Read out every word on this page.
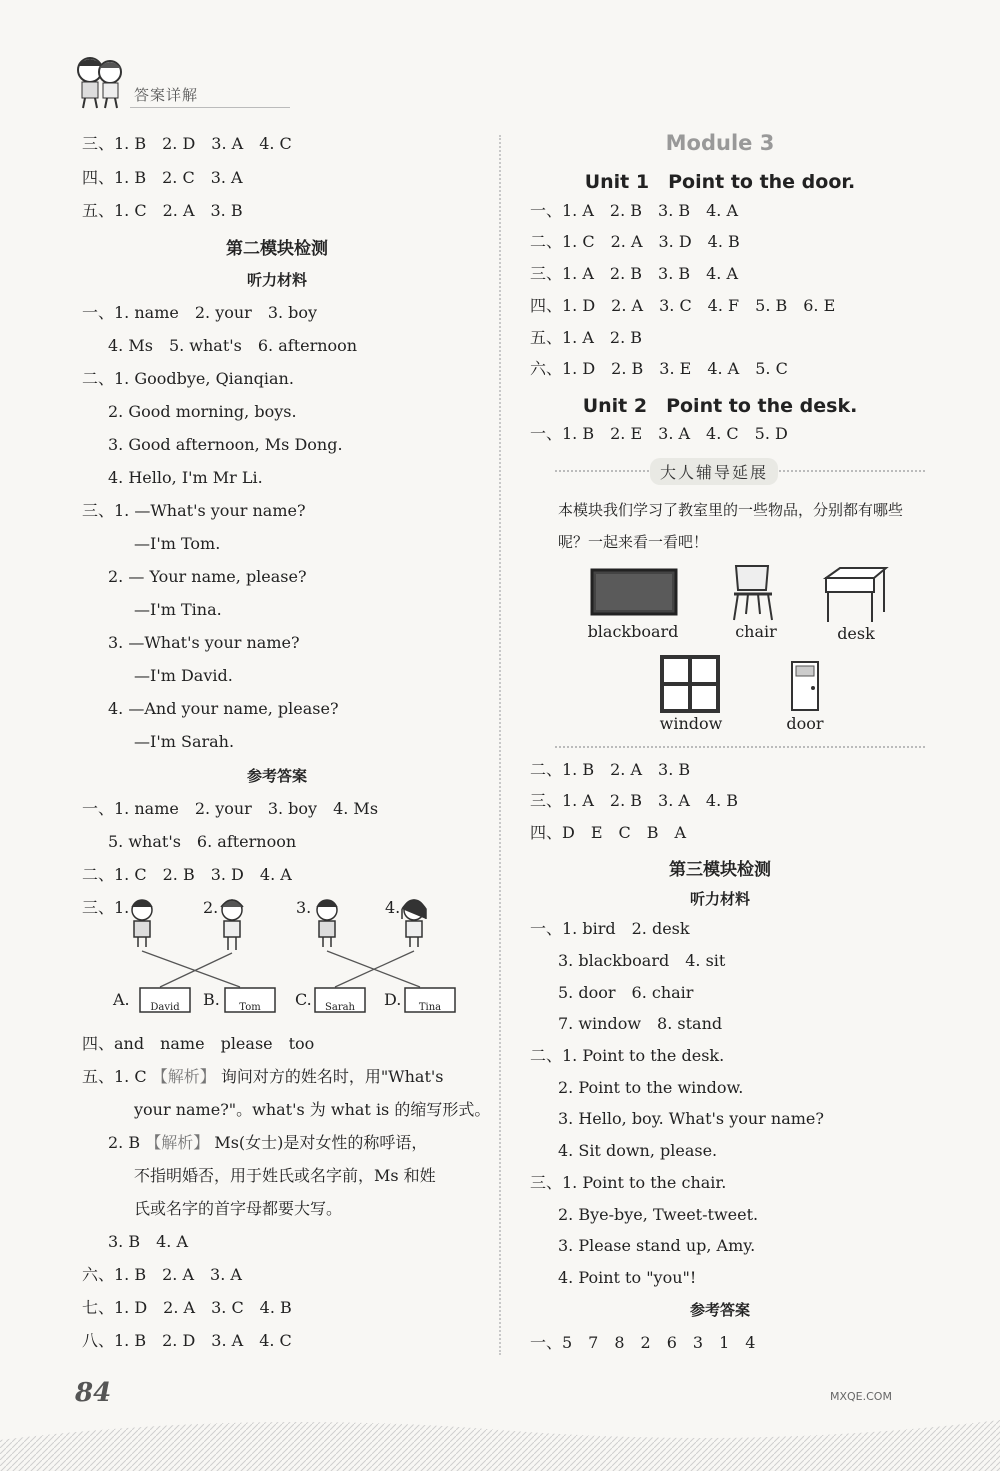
答案详解
三、1. B　2. D　3. A　4. C
四、1. B　2. C　3. A
五、1. C　2. A　3. B
第二模块检测
听力材料
一、1. name　2. your　3. boy
4. Ms　5. what's　6. afternoon
二、1. Goodbye, Qianqian.
2. Good morning, boys.
3. Good afternoon, Ms Dong.
4. Hello, I'm Mr Li.
三、1. —What's your name?
—I'm Tom.
2. — Your name, please?
—I'm Tina.
3. —What's your name?
—I'm David.
4. —And your name, please?
—I'm Sarah.
参考答案
一、1. name　2. your　3. boy　4. Ms
5. what's　6. afternoon
二、1. C　2. B　3. D　4. A
三、1.	2.	3.	4.
A.	B.	C.	D.
David	Tom	Sarah	Tina
四、and　name　please　too
五、1. C 【解析】 询问对方的姓名时，用"What's
your name?"。what's 为 what is 的缩写形式。
2. B 【解析】 Ms(女士)是对女性的称呼语，
不指明婚否，用于姓氏或名字前，Ms 和姓
氏或名字的首字母都要大写。
3. B　4. A
六、1. B　2. A　3. A
七、1. D　2. A　3. C　4. B
八、1. B　2. D　3. A　4. C
Module 3
Unit 1　Point to the door.
一、1. A　2. B　3. B　4. A
二、1. C　2. A　3. D　4. B
三、1. A　2. B　3. B　4. A
四、1. D　2. A　3. C　4. F　5. B　6. E
五、1. A　2. B
六、1. D　2. B　3. E　4. A　5. C
Unit 2　Point to the desk.
一、1. B　2. E　3. A　4. C　5. D
大人辅导延展
本模块我们学习了教室里的一些物品，分别都有哪些呢？一起来看一看吧！
blackboard	chair	desk
window	door
二、1. B　2. A　3. B
三、1. A　2. B　3. A　4. B
四、D　E　C　B　A
第三模块检测
听力材料
一、1. bird　2. desk
3. blackboard　4. sit
5. door　6. chair
7. window　8. stand
二、1. Point to the desk.
2. Point to the window.
3. Hello, boy. What's your name?
4. Sit down, please.
三、1. Point to the chair.
2. Bye-bye, Tweet-tweet.
3. Please stand up, Amy.
4. Point to "you"!
参考答案
一、5　7　8　2　6　3　1　4
84	MXQE.COM
